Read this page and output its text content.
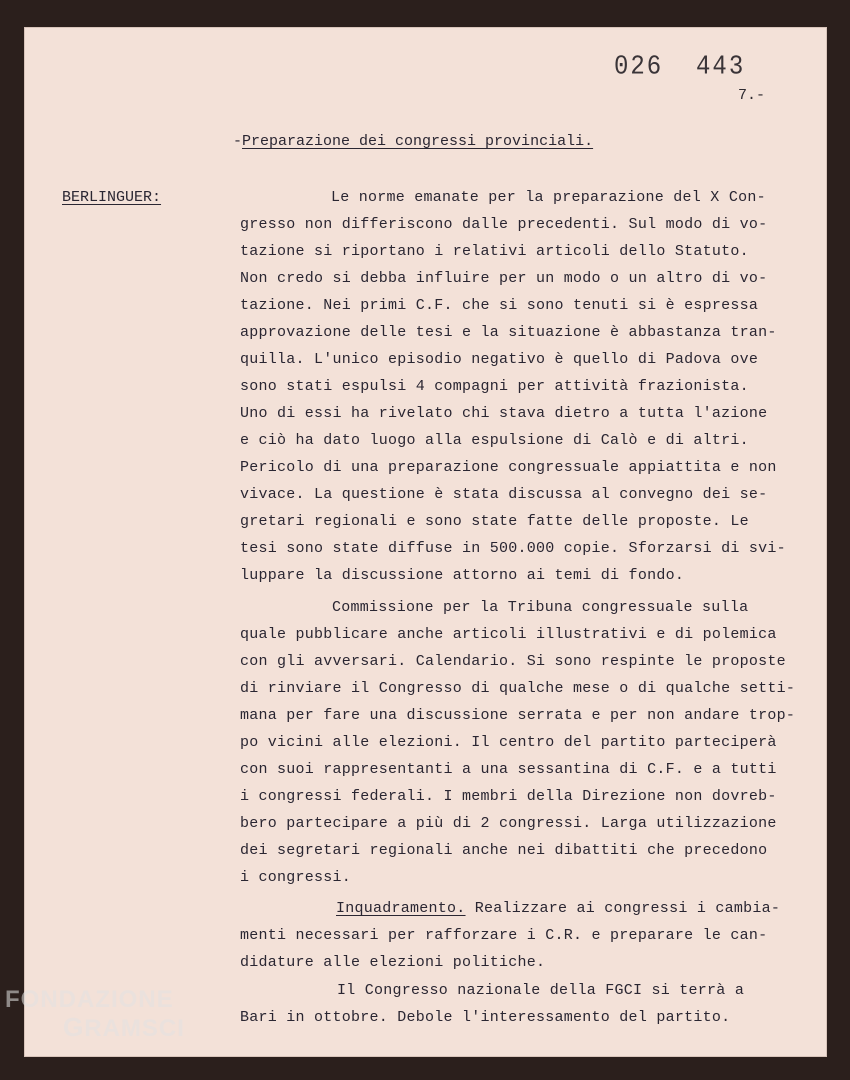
026  443
7.-
-Preparazione dei congressi provinciali.
BERLINGUER:	Le norme emanate per la preparazione del X Con-
gresso non differiscono dalle precedenti. Sul modo di vo-
tazione si riportano i relativi articoli dello Statuto.
Non credo si debba influire per un modo o un altro di vo-
tazione. Nei primi C.F. che si sono tenuti si è espressa
approvazione delle tesi e la situazione è abbastanza tran-
quilla. L'unico episodio negativo è quello di Padova ove
sono stati espulsi 4 compagni per attività frazionista.
Uno di essi ha rivelato chi stava dietro a tutta l'azione
e ciò ha dato luogo alla espulsione di Calò e di altri.
Pericolo di una preparazione congressuale appiattita e non
vivace. La questione è stata discussa al convegno dei se-
gretari regionali e sono state fatte delle proposte. Le
tesi sono state diffuse in 500.000 copie. Sforzarsi di svi-
luppare la discussione attorno ai temi di fondo.
Commissione per la Tribuna congressuale sulla
quale pubblicare anche articoli illustrativi e di polemica
con gli avversari. Calendario. Si sono respinte le proposte
di rinviare il Congresso di qualche mese o di qualche setti-
mana per fare una discussione serrata e per non andare trop-
po vicini alle elezioni. Il centro del partito parteciperà
con suoi rappresentanti a una sessantina di C.F. e a tutti
i congressi federali. I membri della Direzione non dovreb-
bero partecipare a più di 2 congressi. Larga utilizzazione
dei segretari regionali anche nei dibattiti che precedono
i congressi.
Inquadramento. Realizzare ai congressi i cambia-
menti necessari per rafforzare i C.R. e preparare le can-
didature alle elezioni politiche.
Il Congresso nazionale della FGCI si terrà a
Bari in ottobre. Debole l'interessamento del partito.
FONDAZIONE
GRAMSCI
